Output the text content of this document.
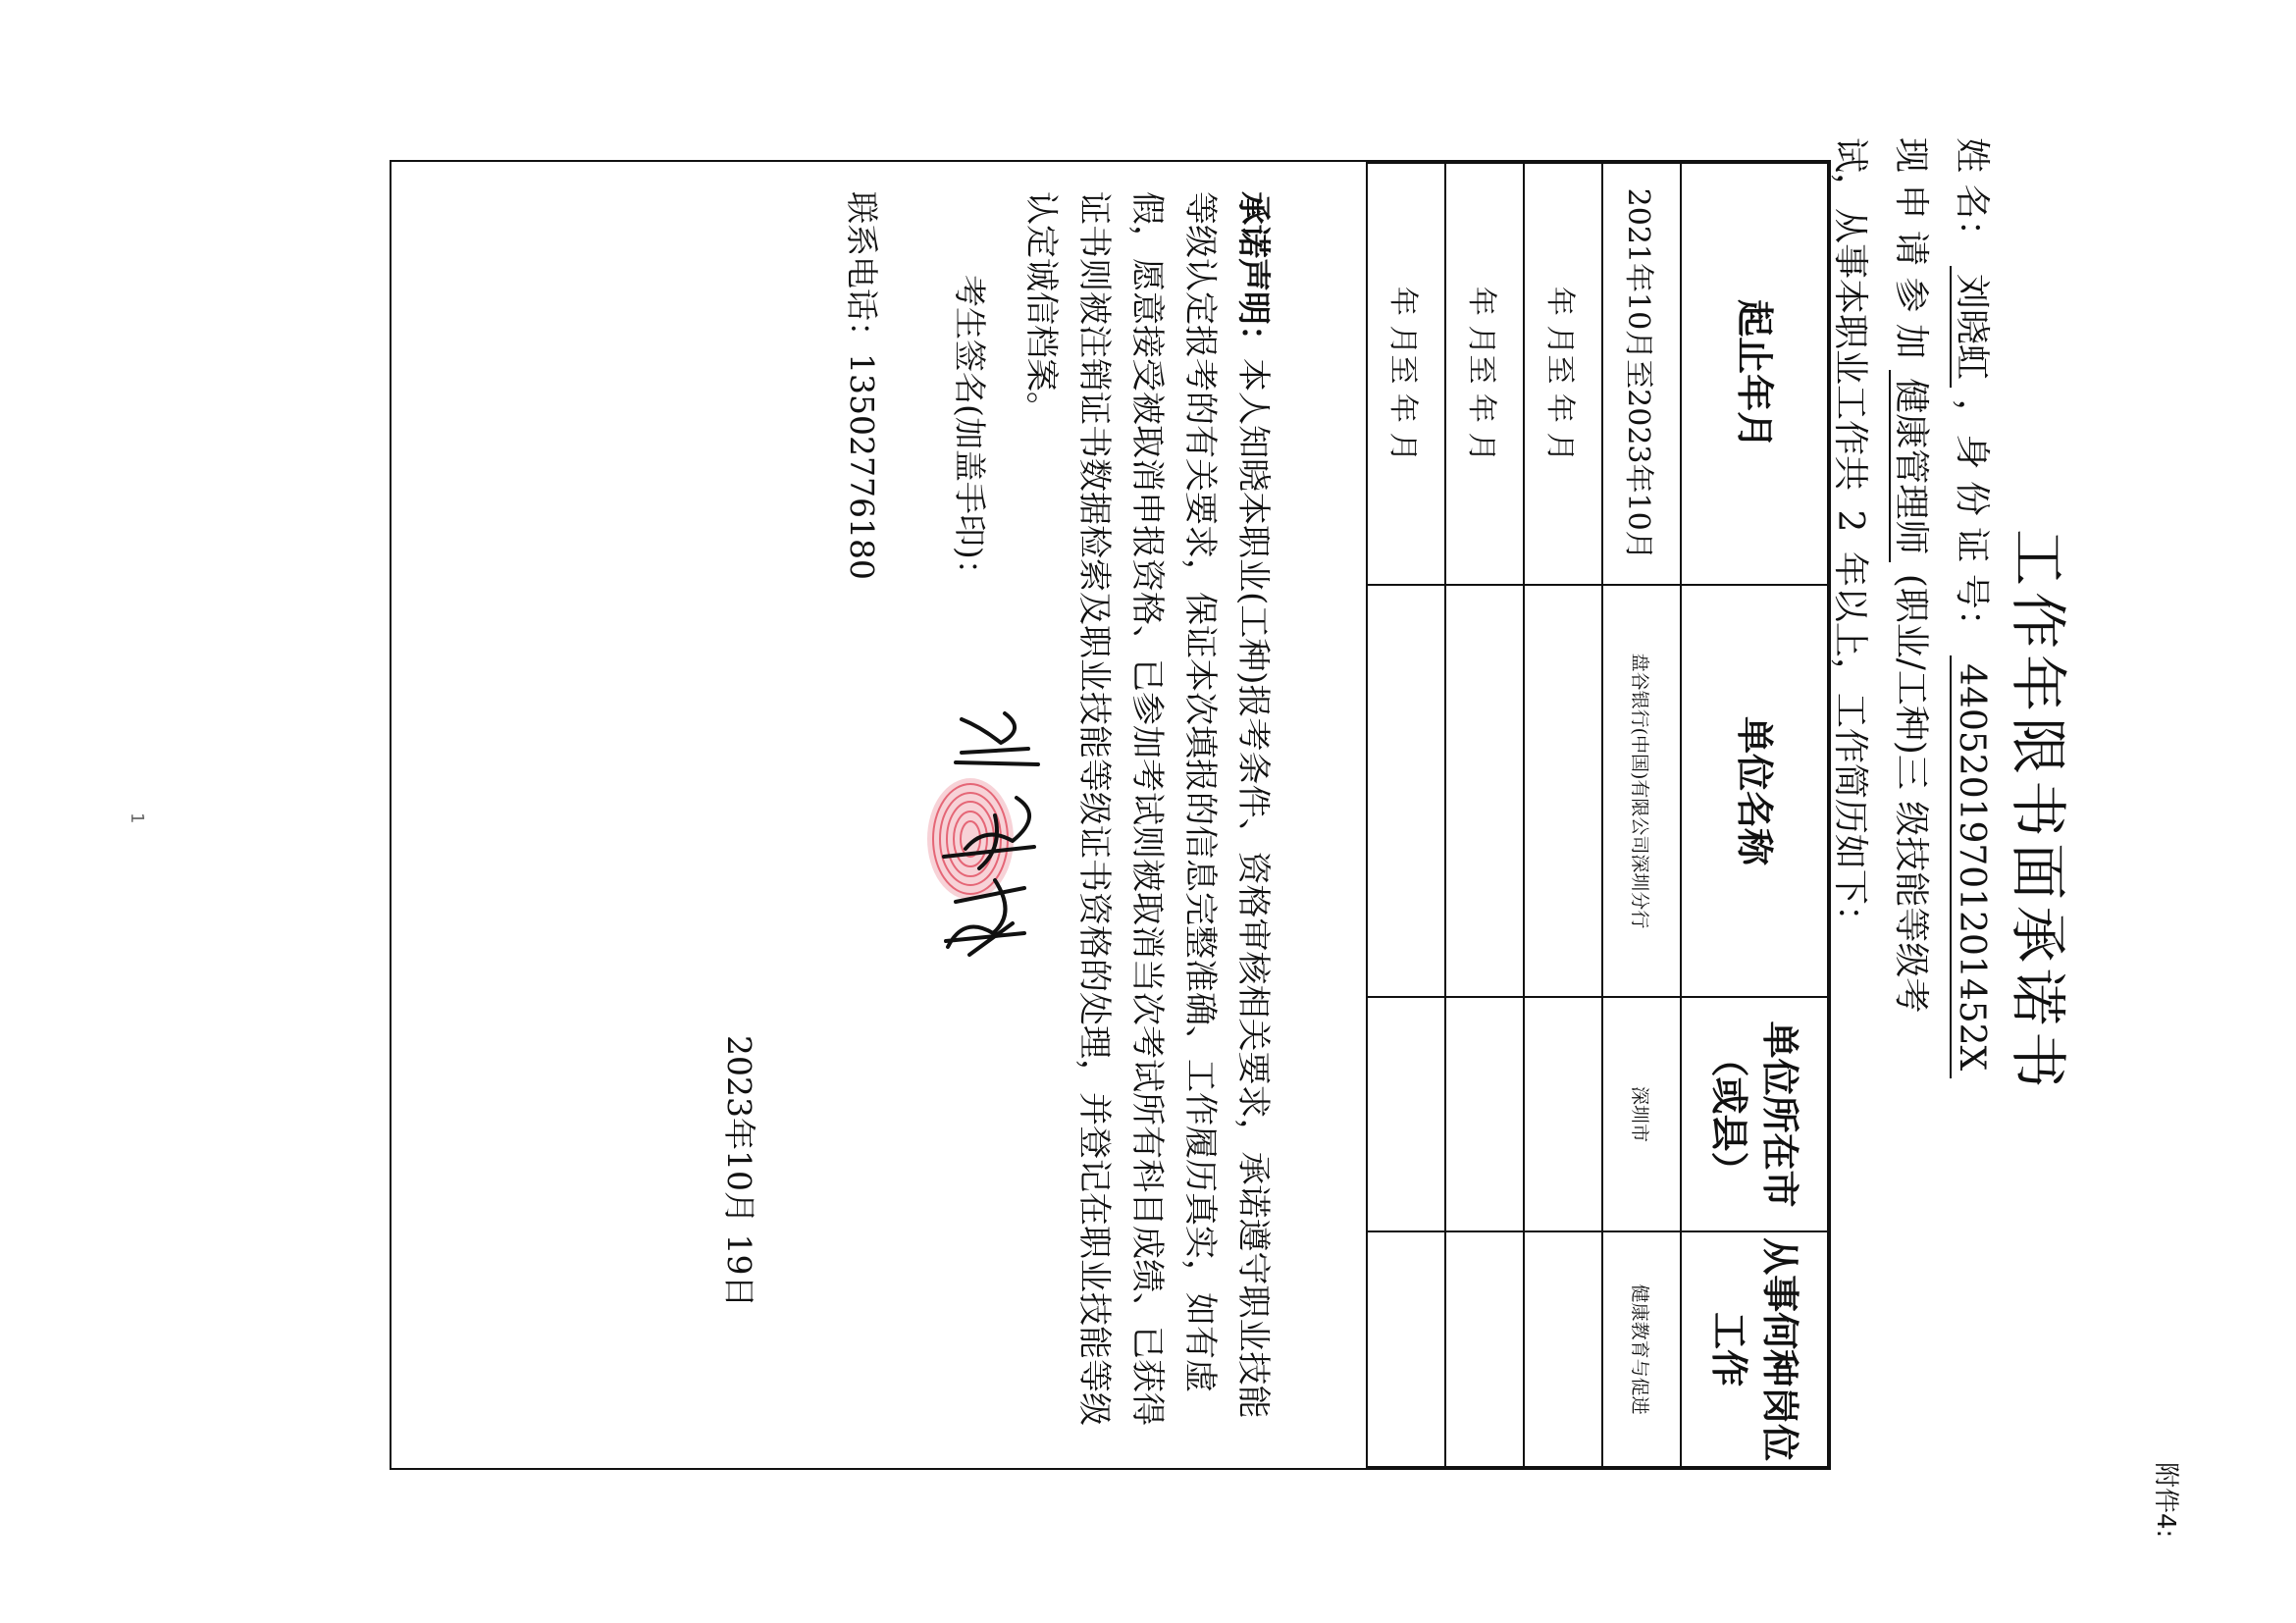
附件4:
工作年限书面承诺书
姓 名： 刘晓虹 ，身 份 证 号： 44052019701201452X
现 申 请 参 加 健康管理师 (职业/工种)三 级技能等级考
试，从事本职业工作共 2 年以上，工作简历如下：
起止年月	单位名称	单位所在市（或县）	从事何种岗位工作
2021年10月至2023年10月	盘谷银行(中国)有限公司深圳分行	深圳市	健康教育与促进
年 月至 年 月			
年 月至 年 月			
年 月至 年 月			
承诺声明：本人知晓本职业(工种)报考条件、资格审核相关要求，承诺遵守职业技能等级认定报考的有关要求，保证本次填报的信息完整准确、工作履历真实，如有虚假，愿意接受被取消申报资格、已参加考试则被取消当次考试所有科目成绩、已获得证书则被注销证书数据检索及职业技能等级证书资格的处理，并登记在职业技能等级认定诚信档案。
考生签名(加盖手印)：
联系电话：13502776180
2023年10月 19日
1
